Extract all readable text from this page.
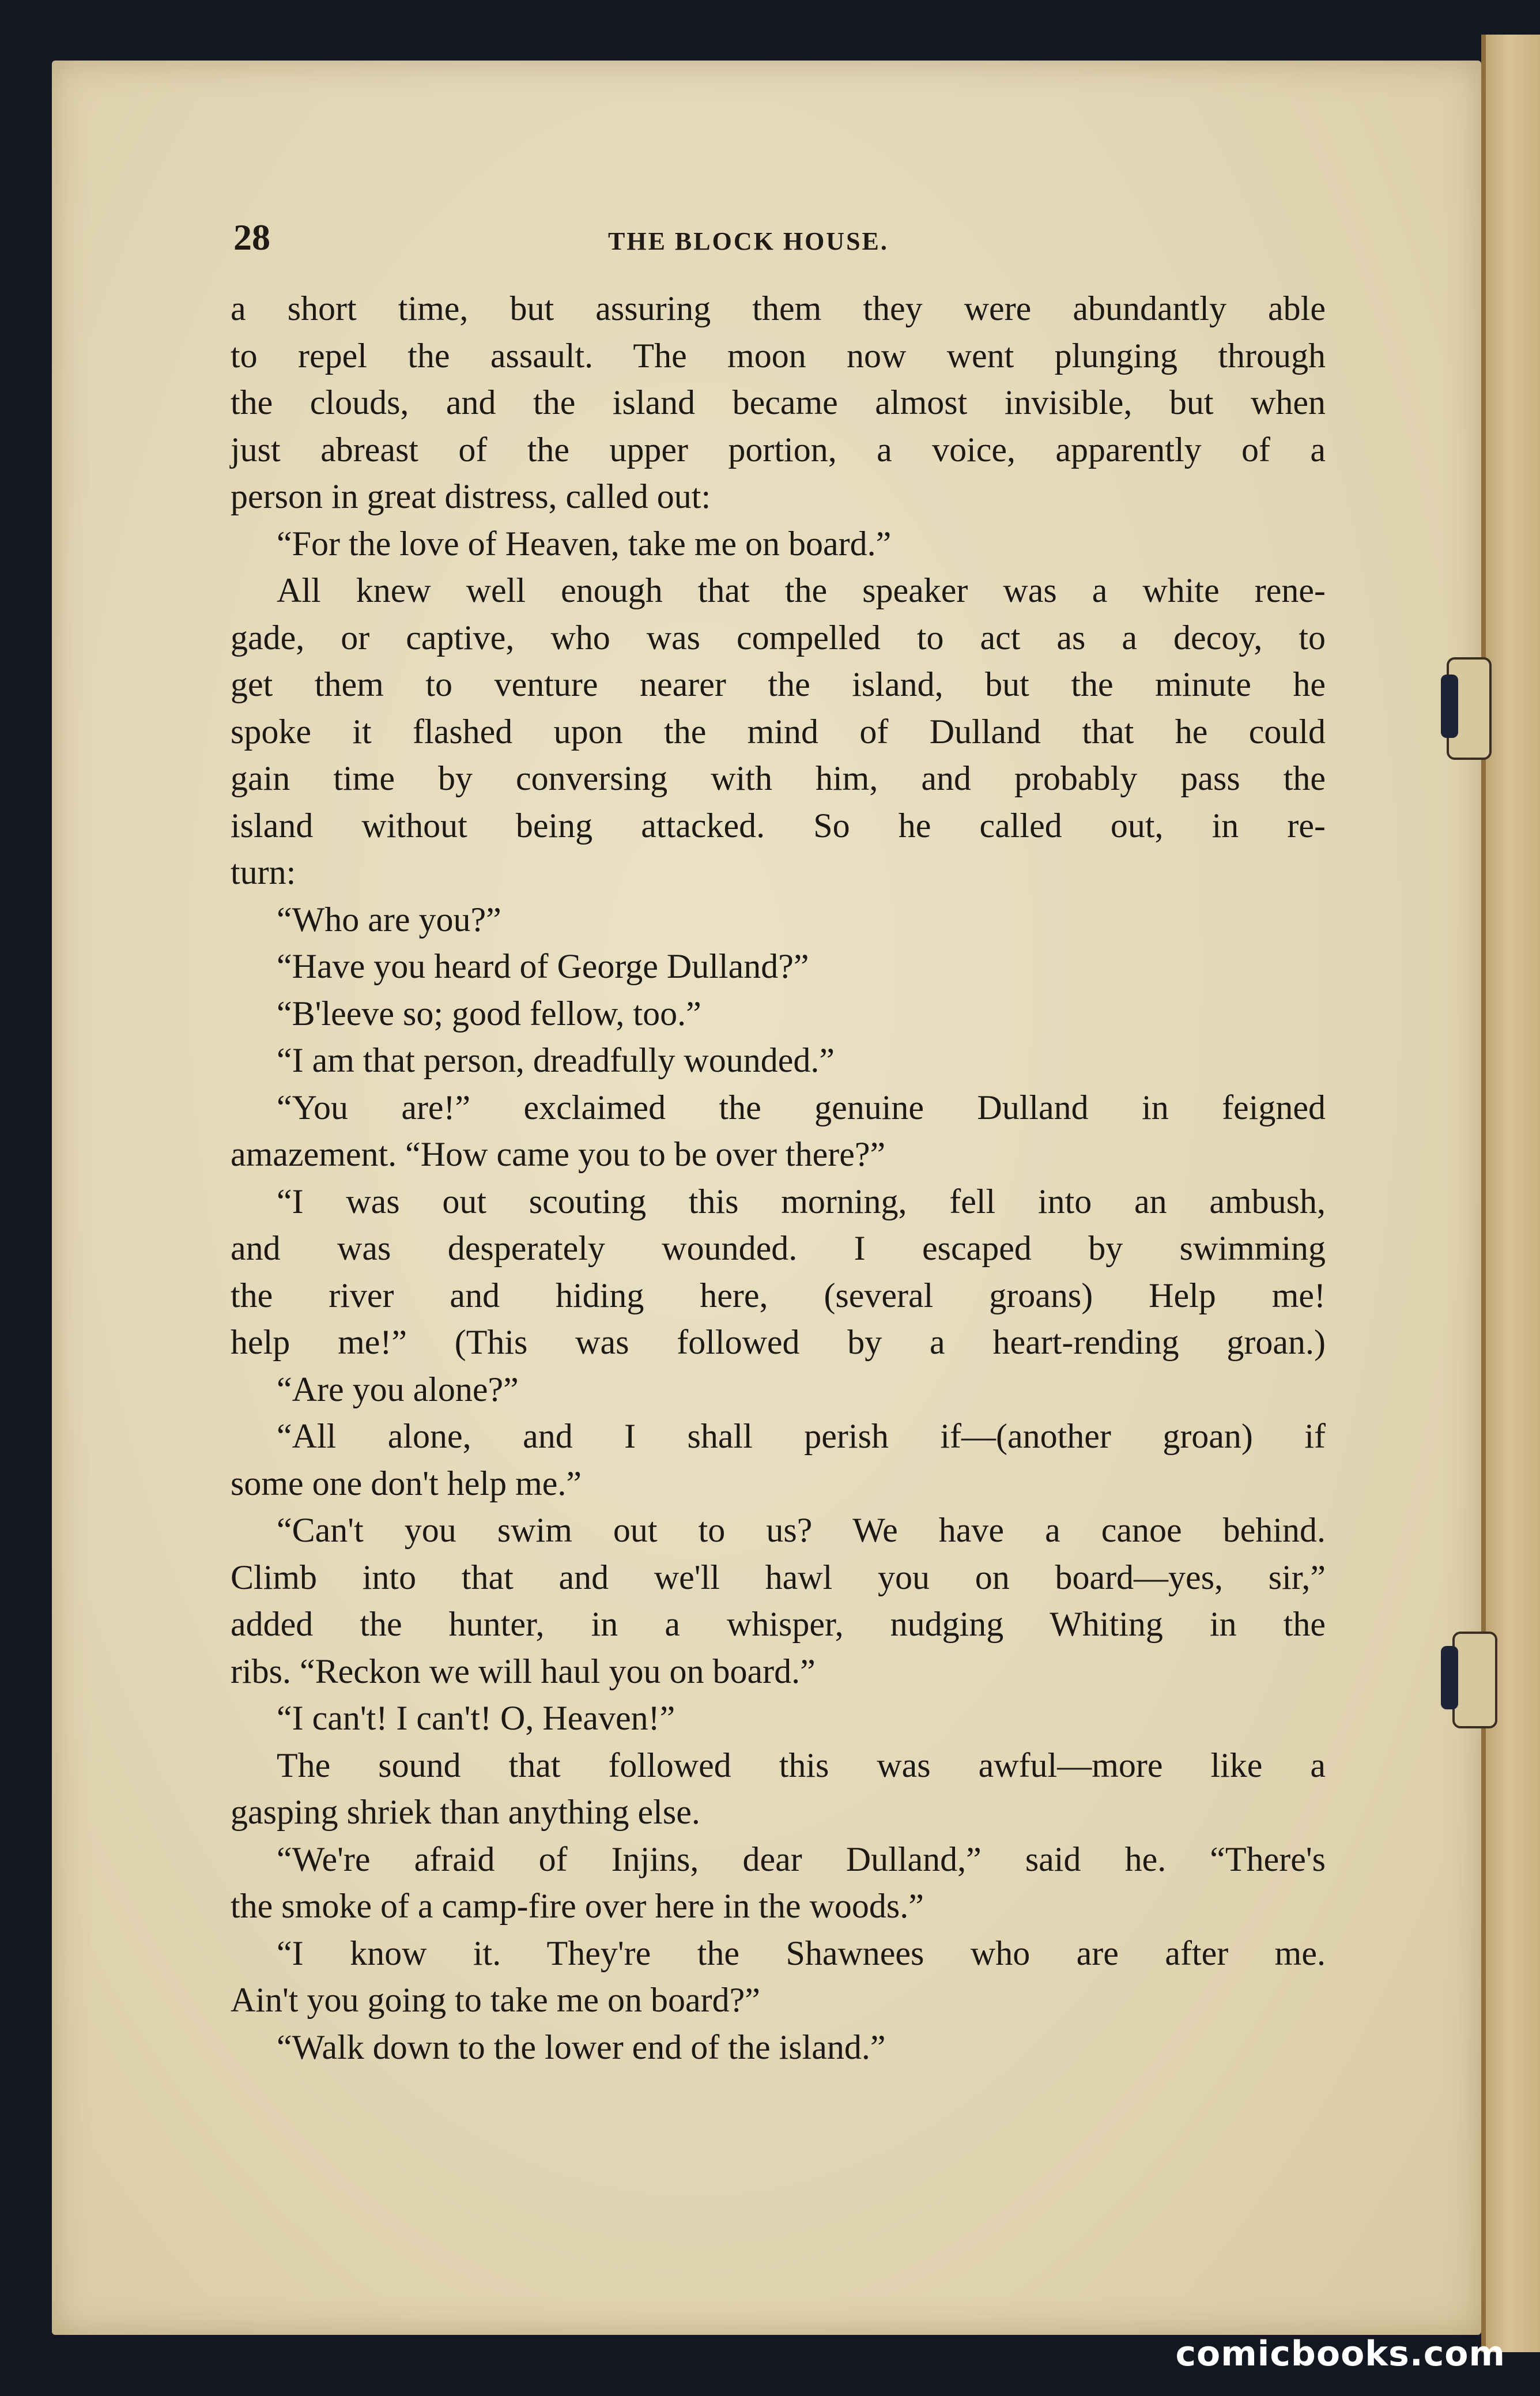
28	THE BLOCK HOUSE.
a short time, but assuring them they were abundantly able
to repel the assault. The moon now went plunging through
the clouds, and the island became almost invisible, but when
just abreast of the upper portion, a voice, apparently of a
person in great distress, called out:
“For the love of Heaven, take me on board.”
All knew well enough that the speaker was a white rene-
gade, or captive, who was compelled to act as a decoy, to
get them to venture nearer the island, but the minute he
spoke it flashed upon the mind of Dulland that he could
gain time by conversing with him, and probably pass the
island without being attacked. So he called out, in re-
turn:
“Who are you?”
“Have you heard of George Dulland?”
“B'leeve so; good fellow, too.”
“I am that person, dreadfully wounded.”
“You are!” exclaimed the genuine Dulland in feigned
amazement. “How came you to be over there?”
“I was out scouting this morning, fell into an ambush,
and was desperately wounded. I escaped by swimming
the river and hiding here, (several groans) Help me!
help me!” (This was followed by a heart-rending groan.)
“Are you alone?”
“All alone, and I shall perish if—(another groan) if
some one don't help me.”
“Can't you swim out to us? We have a canoe behind.
Climb into that and we'll hawl you on board—yes, sir,”
added the hunter, in a whisper, nudging Whiting in the
ribs. “Reckon we will haul you on board.”
“I can't! I can't! O, Heaven!”
The sound that followed this was awful—more like a
gasping shriek than anything else.
“We're afraid of Injins, dear Dulland,” said he. “There's
the smoke of a camp-fire over here in the woods.”
“I know it. They're the Shawnees who are after me.
Ain't you going to take me on board?”
“Walk down to the lower end of the island.”
comicbooks.com
